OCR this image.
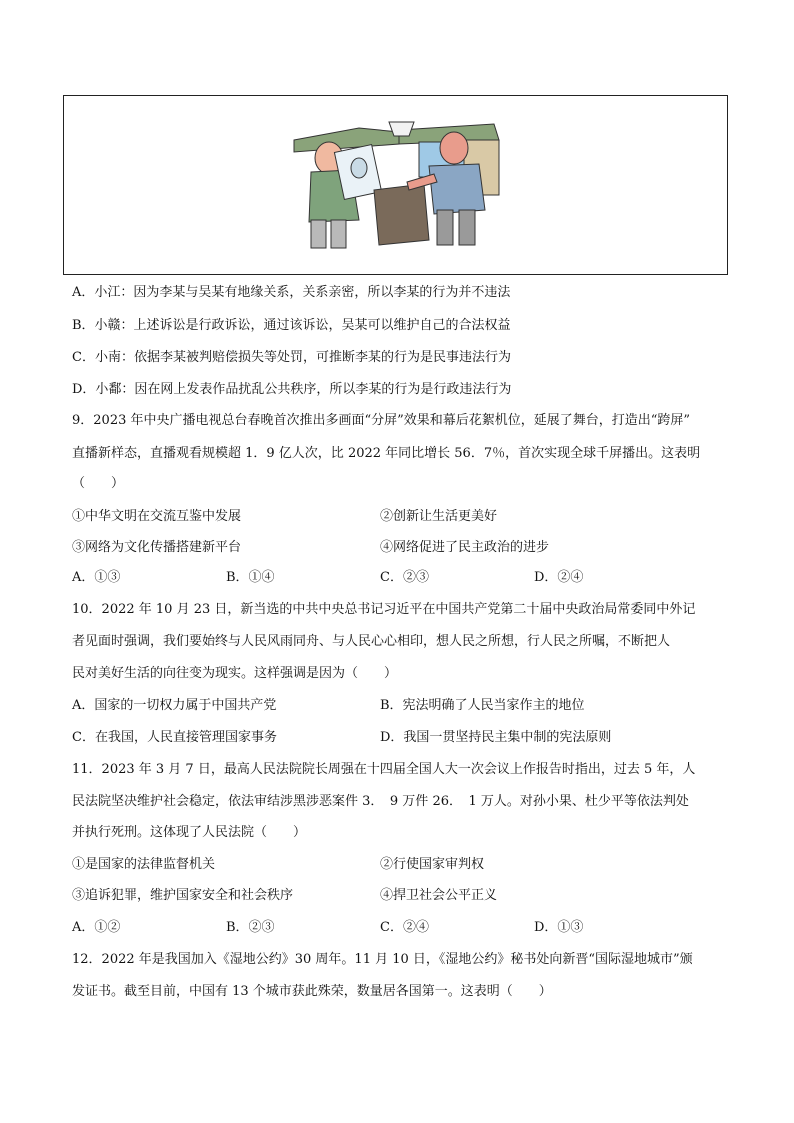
A．小江：因为李某与吴某有地缘关系，关系亲密，所以李某的行为并不违法
B．小赣：上述诉讼是行政诉讼，通过该诉讼，吴某可以维护自己的合法权益
C．小南：依据李某被判赔偿损失等处罚，可推断李某的行为是民事违法行为
D．小鄱：因在网上发表作品扰乱公共秩序，所以李某的行为是行政违法行为
9．2023 年中央广播电视总台春晚首次推出多画面“分屏”效果和幕后花絮机位，延展了舞台，打造出“跨屏”
直播新样态，直播观看规模超 1．9 亿人次，比 2022 年同比增长 56．7％，首次实现全球千屏播出。这表明
（　　）
①中华文明在交流互鉴中发展	②创新让生活更美好
③网络为文化传播搭建新平台	④网络促进了民主政治的进步
A．①③	B．①④	C．②③	D．②④
10．2022 年 10 月 23 日，新当选的中共中央总书记习近平在中国共产党第二十届中央政治局常委同中外记
者见面时强调，我们要始终与人民风雨同舟、与人民心心相印，想人民之所想，行人民之所嘱，不断把人
民对美好生活的向往变为现实。这样强调是因为（　　）
A．国家的一切权力属于中国共产党	B．宪法明确了人民当家作主的地位
C．在我国，人民直接管理国家事务	D．我国一贯坚持民主集中制的宪法原则
11．2023 年 3 月 7 日，最高人民法院院长周强在十四届全国人大一次会议上作报告时指出，过去 5 年，人
民法院坚决维护社会稳定，依法审结涉黑涉恶案件 3．　9 万件 26．　1 万人。对孙小果、杜少平等依法判处
并执行死刑。这体现了人民法院（　　）
①是国家的法律监督机关	②行使国家审判权
③追诉犯罪，维护国家安全和社会秩序	④捍卫社会公平正义
A．①②	B．②③	C．②④	D．①③
12．2022 年是我国加入《湿地公约》30 周年。11 月 10 日，《湿地公约》秘书处向新晋“国际湿地城市”颁
发证书。截至目前，中国有 13 个城市获此殊荣，数量居各国第一。这表明（　　）
